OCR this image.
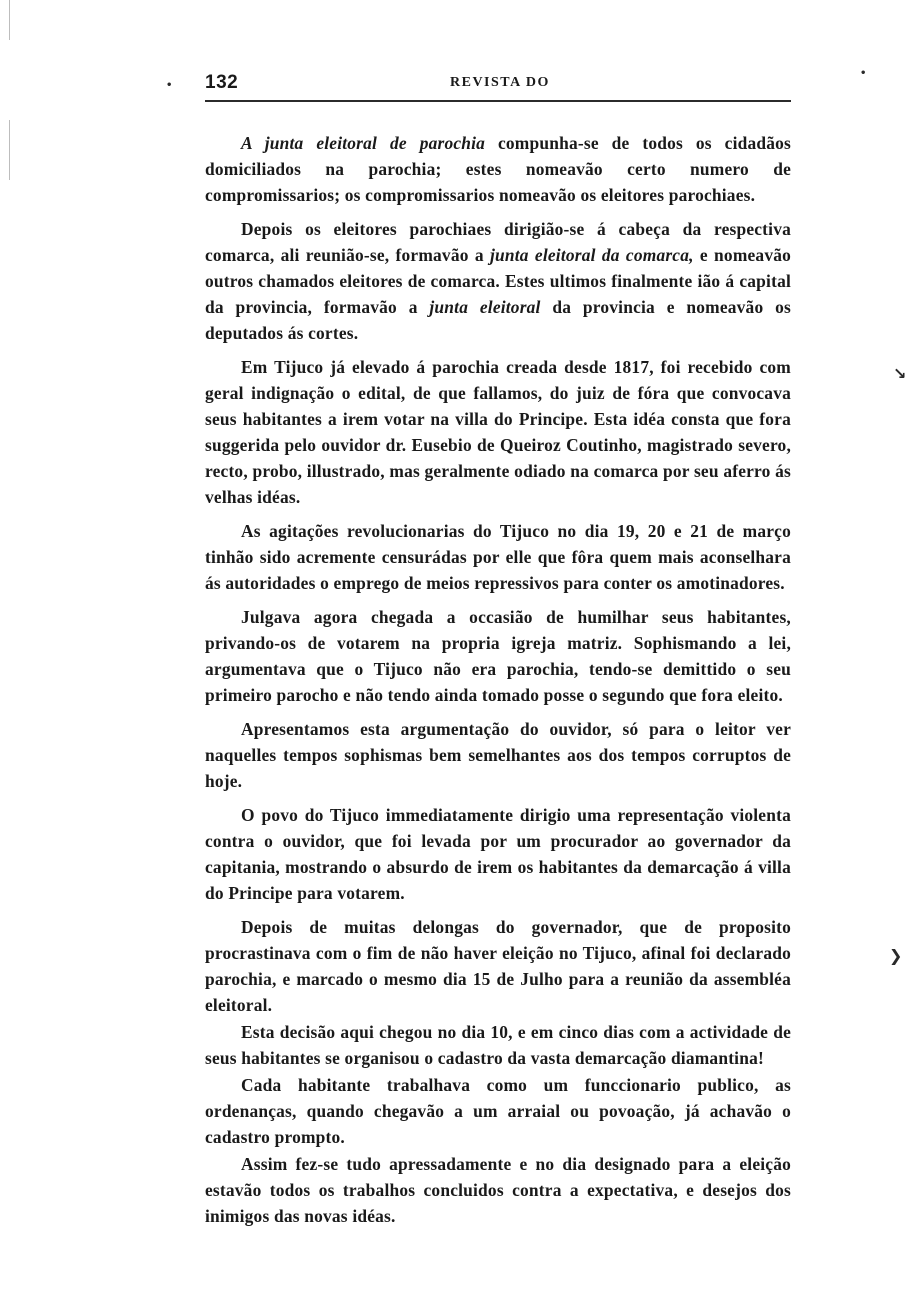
132	REVISTA DO

A junta eleitoral de parochia compunha-se de todos os cidadãos domiciliados na parochia; estes nomeavão certo numero de compromissarios; os compromissarios nomeavão os eleitores parochiaes.

Depois os eleitores parochiaes dirigião-se á cabeça da respectiva comarca, ali reunião-se, formavão a junta eleitoral da comarca, e nomeavão outros chamados eleitores de comarca. Estes ultimos finalmente ião á capital da provincia, formavão a junta eleitoral da provincia e nomeavão os deputados ás cortes.

Em Tijuco já elevado á parochia creada desde 1817, foi recebido com geral indignação o edital, de que fallamos, do juiz de fóra que convocava seus habitantes a irem votar na villa do Principe. Esta idéa consta que fora suggerida pelo ouvidor dr. Eusebio de Queiroz Coutinho, magistrado severo, recto, probo, illustrado, mas geralmente odiado na comarca por seu aferro ás velhas idéas.

As agitações revolucionarias do Tijuco no dia 19, 20 e 21 de março tinhão sido acremente censurádas por elle que fôra quem mais aconselhara ás autoridades o emprego de meios repressivos para conter os amotinadores.

Julgava agora chegada a occasião de humilhar seus habitantes, privando-os de votarem na propria igreja matriz. Sophismando a lei, argumentava que o Tijuco não era parochia, tendo-se demittido o seu primeiro parocho e não tendo ainda tomado posse o segundo que fora eleito.

Apresentamos esta argumentação do ouvidor, só para o leitor ver naquelles tempos sophismas bem semelhantes aos dos tempos corruptos de hoje.

O povo do Tijuco immediatamente dirigio uma representação violenta contra o ouvidor, que foi levada por um procurador ao governador da capitania, mostrando o absurdo de irem os habitantes da demarcação á villa do Principe para votarem.

Depois de muitas delongas do governador, que de proposito procrastinava com o fim de não haver eleição no Tijuco, afinal foi declarado parochia, e marcado o mesmo dia 15 de Julho para a reunião da assembléa eleitoral.

Esta decisão aqui chegou no dia 10, e em cinco dias com a actividade de seus habitantes se organisou o cadastro da vasta demarcação diamantina!

Cada habitante trabalhava como um funccionario publico, as ordenanças, quando chegavão a um arraial ou povoação, já achavão o cadastro prompto.

Assim fez-se tudo apressadamente e no dia designado para a eleição estavão todos os trabalhos concluidos contra a expectativa, e desejos dos inimigos das novas idéas.

↘
❯
•
•
